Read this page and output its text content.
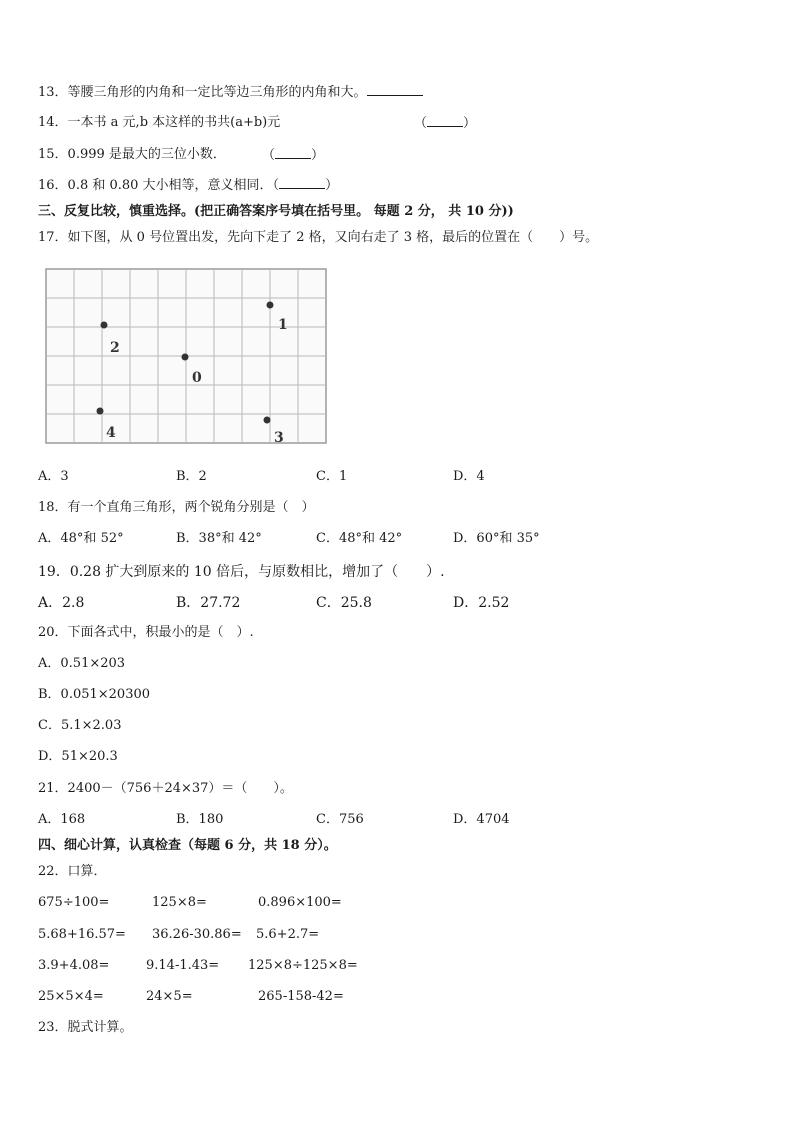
13．等腰三角形的内角和一定比等边三角形的内角和大。
14．一本书 a 元,b 本这样的书共(a+b)元	（	）
15．0.999 是最大的三位小数．	（	）
16．0.8 和 0.80 大小相等，意义相同．（	）
三、反复比较，慎重选择。(把正确答案序号填在括号里。 每题 2 分， 共 10 分))
17．如下图，从 0 号位置出发，先向下走了 2 格，又向右走了 3 格，最后的位置在（　　）号。
1
2
0
4	3
A．3	B．2	C．1	D．4
18．有一个直角三角形，两个锐角分别是（　）
A．48°和 52°	B．38°和 42°	C．48°和 42°	D．60°和 35°
19．0.28 扩大到原来的 10 倍后，与原数相比，增加了（　　）.
A．2.8	B．27.72	C．25.8	D．2.52
20．下面各式中，积最小的是（　）.
A．0.51×203
B．0.051×20300
C．5.1×2.03
D．51×20.3
21．2400－（756＋24×37）＝（　　）。
A．168	B．180	C．756	D．4704
四、细心计算，认真检查（每题 6 分，共 18 分）。
22．口算．
675÷100=	125×8=	0.896×100=
5.68+16.57= 36.26-30.86= 5.6+2.7=
3.9+4.08=	9.14-1.43= 125×8÷125×8=
25×5×4=	24×5=	265-158-42=
23．脱式计算。
